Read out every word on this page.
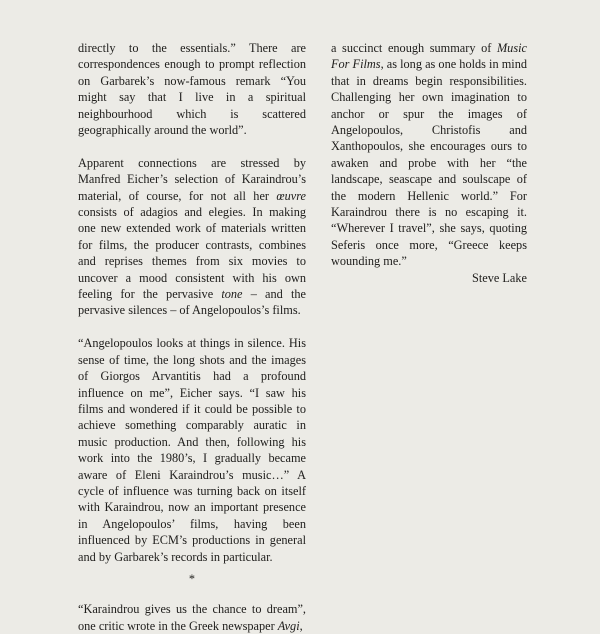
directly to the essentials.” There are correspondences enough to prompt reflection on Garbarek’s now-famous remark “You might say that I live in a spiritual neighbourhood which is scattered geographically around the world”.

Apparent connections are stressed by Manfred Eicher’s selection of Karaindrou’s material, of course, for not all her œuvre consists of adagios and elegies. In making one new extended work of materials written for films, the producer contrasts, combines and reprises themes from six movies to uncover a mood consistent with his own feeling for the pervasive tone – and the pervasive silences – of Angelopoulos’s films.

“Angelopoulos looks at things in silence. His sense of time, the long shots and the images of Giorgos Arvantitis had a profound influence on me”, Eicher says. “I saw his films and wondered if it could be possible to achieve something comparably auratic in music production. And then, following his work into the 1980’s, I gradually became aware of Eleni Karaindrou’s music…” A cycle of influence was turning back on itself with Karaindrou, now an important presence in Angelopoulos’ films, having been influenced by ECM’s productions in general and by Garbarek’s records in particular.

*

“Karaindrou gives us the chance to dream”, one critic wrote in the Greek newspaper Avgi,

a succinct enough summary of Music For Films, as long as one holds in mind that in dreams begin responsibilities. Challenging her own imagination to anchor or spur the images of Angelopoulos, Christofis and Xanthopoulos, she encourages ours to awaken and probe with her “the landscape, seascape and soulscape of the modern Hellenic world.” For Karaindrou there is no escaping it. “Wherever I travel”, she says, quoting Seferis once more, “Greece keeps wounding me.”

Steve Lake
